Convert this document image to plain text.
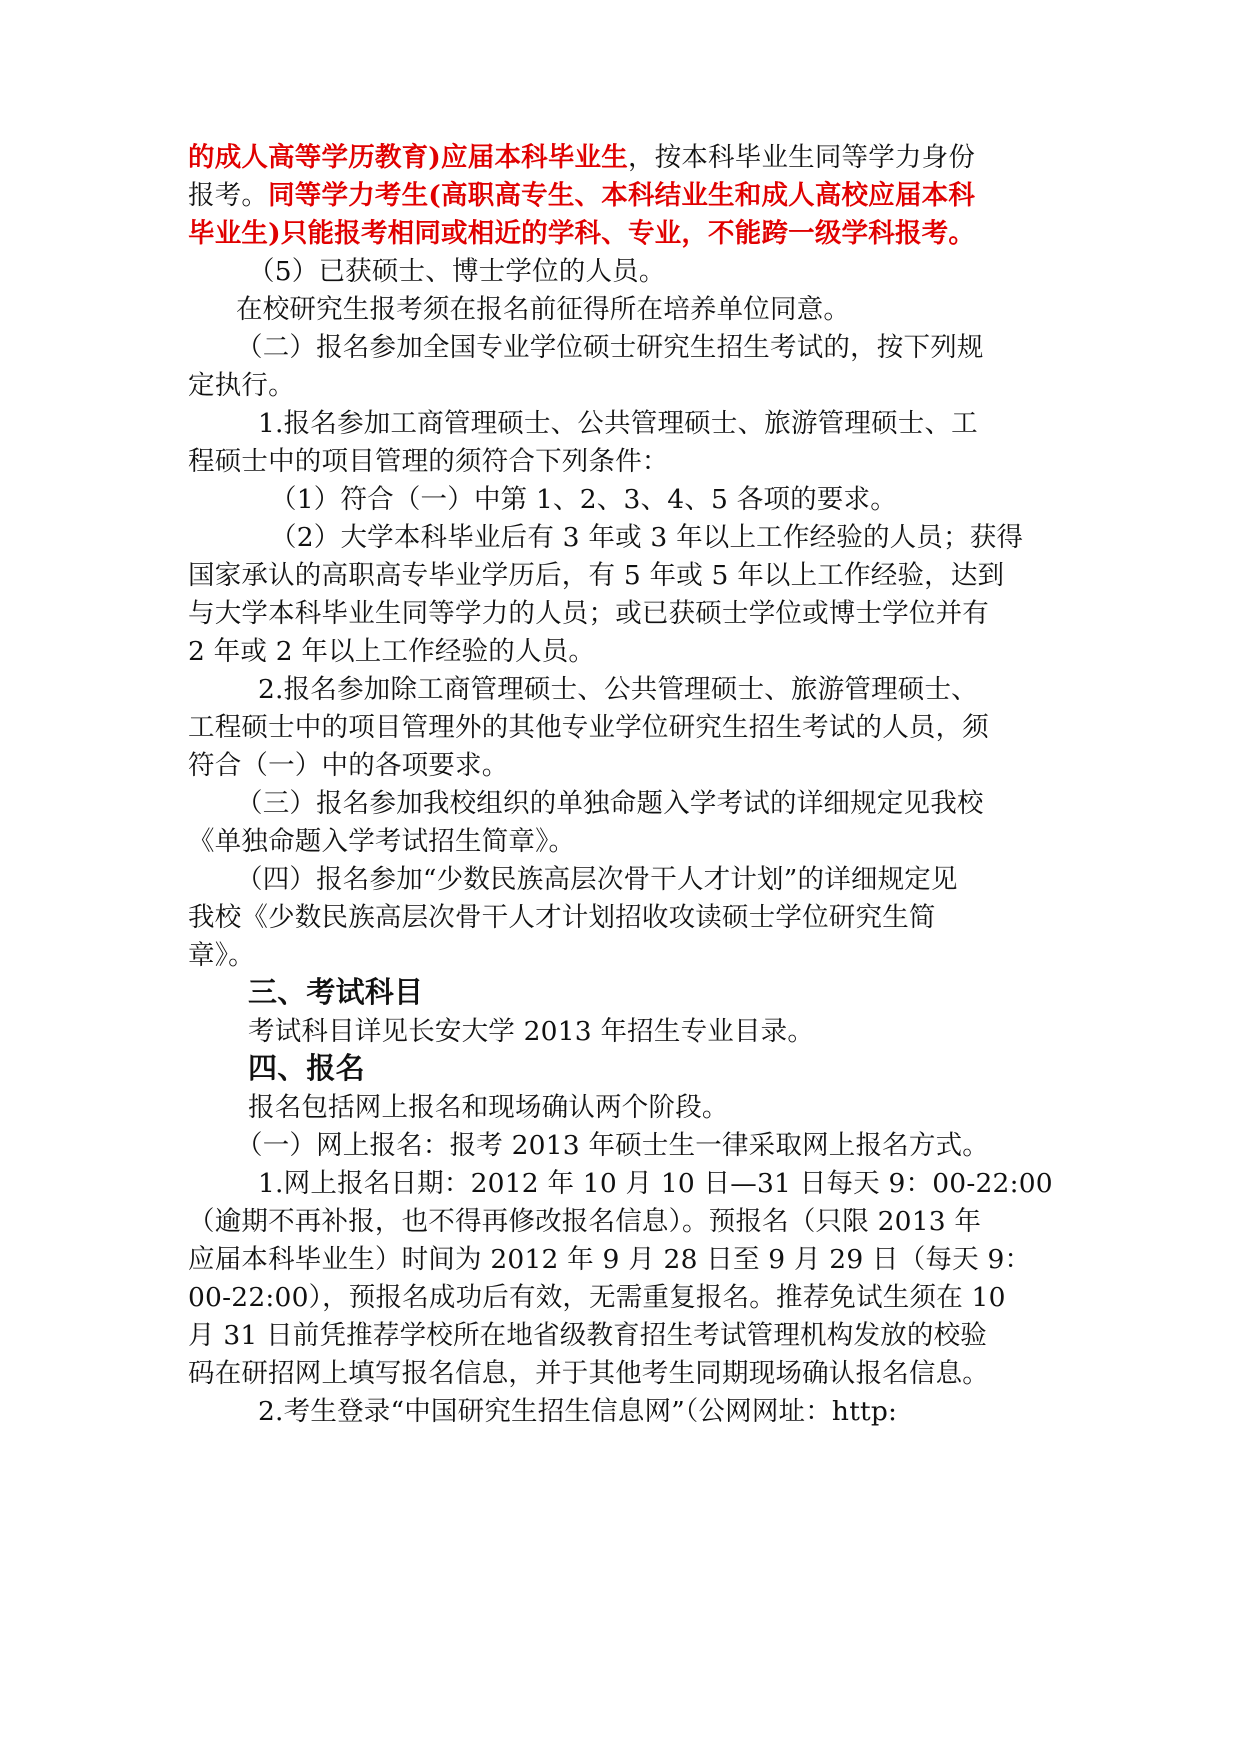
的成人高等学历教育)应届本科毕业生，按本科毕业生同等学力身份
报考。同等学力考生(高职高专生、本科结业生和成人高校应届本科
毕业生)只能报考相同或相近的学科、专业，不能跨一级学科报考。
（5）已获硕士、博士学位的人员。
在校研究生报考须在报名前征得所在培养单位同意。
（二）报名参加全国专业学位硕士研究生招生考试的，按下列规
定执行。
1.报名参加工商管理硕士、公共管理硕士、旅游管理硕士、工
程硕士中的项目管理的须符合下列条件：
（1）符合（一）中第 1、2、3、4、5 各项的要求。
（2）大学本科毕业后有 3 年或 3 年以上工作经验的人员；获得
国家承认的高职高专毕业学历后，有 5 年或 5 年以上工作经验，达到
与大学本科毕业生同等学力的人员；或已获硕士学位或博士学位并有
2 年或 2 年以上工作经验的人员。
2.报名参加除工商管理硕士、公共管理硕士、旅游管理硕士、
工程硕士中的项目管理外的其他专业学位研究生招生考试的人员，须
符合（一）中的各项要求。
（三）报名参加我校组织的单独命题入学考试的详细规定见我校
《单独命题入学考试招生简章》。
（四）报名参加“少数民族高层次骨干人才计划”的详细规定见
我校《少数民族高层次骨干人才计划招收攻读硕士学位研究生简
章》。
三、考试科目
考试科目详见长安大学 2013 年招生专业目录。
四、报名
报名包括网上报名和现场确认两个阶段。
（一）网上报名：报考 2013 年硕士生一律采取网上报名方式。
1.网上报名日期：2012 年 10 月 10 日—31 日每天 9：00-22:00
（逾期不再补报，也不得再修改报名信息）。预报名（只限 2013 年
应届本科毕业生）时间为 2012 年 9 月 28 日至 9 月 29 日（每天 9：
00-22:00），预报名成功后有效，无需重复报名。推荐免试生须在 10
月 31 日前凭推荐学校所在地省级教育招生考试管理机构发放的校验
码在研招网上填写报名信息，并于其他考生同期现场确认报名信息。
2.考生登录“中国研究生招生信息网”（公网网址：http:
